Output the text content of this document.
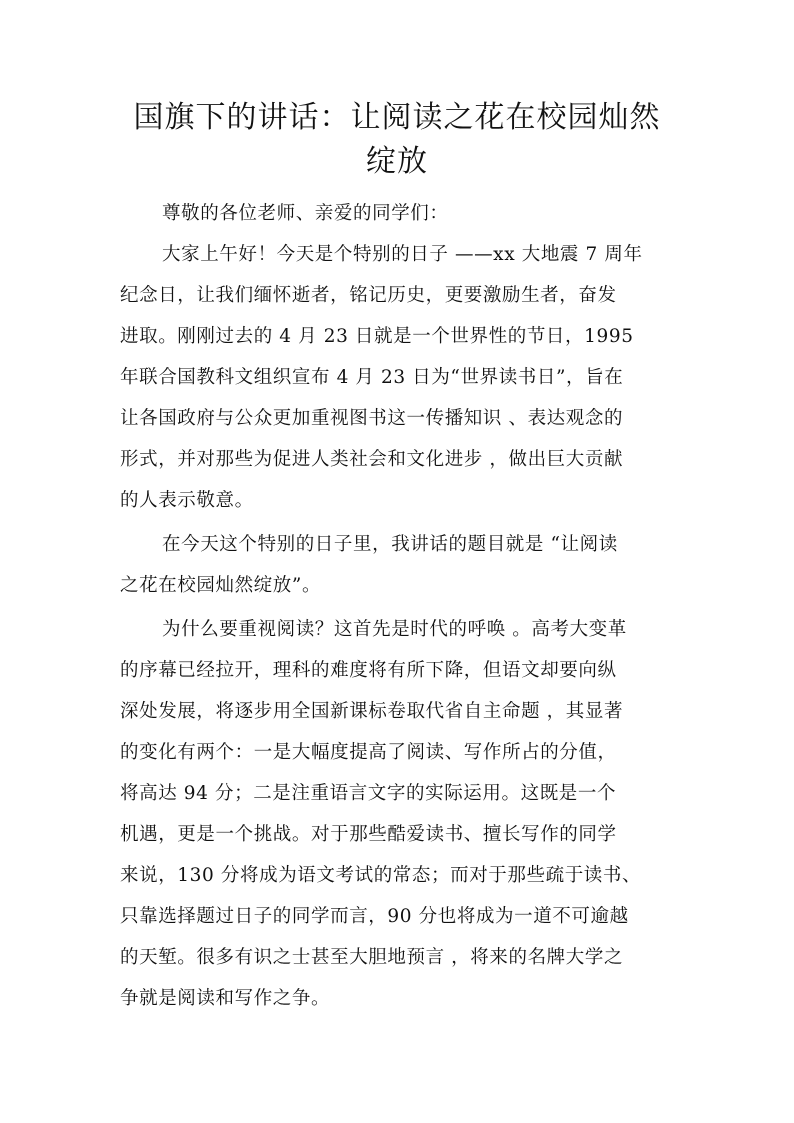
国旗下的讲话：让阅读之花在校园灿然
绽放
尊敬的各位老师、亲爱的同学们：
大家上午好！今天是个特别的日子 ——xx 大地震 7 周年
纪念日，让我们缅怀逝者，铭记历史，更要激励生者，奋发
进取。刚刚过去的 4 月 23 日就是一个世界性的节日，1995
年联合国教科文组织宣布 4 月 23 日为“世界读书日”，旨在
让各国政府与公众更加重视图书这一传播知识 、表达观念的
形式，并对那些为促进人类社会和文化进步 ，做出巨大贡献
的人表示敬意。
在今天这个特别的日子里，我讲话的题目就是 “让阅读
之花在校园灿然绽放”。
为什么要重视阅读？这首先是时代的呼唤 。高考大变革
的序幕已经拉开，理科的难度将有所下降，但语文却要向纵
深处发展，将逐步用全国新课标卷取代省自主命题 ，其显著
的变化有两个：一是大幅度提高了阅读、写作所占的分值，
将高达 94 分；二是注重语言文字的实际运用。这既是一个
机遇，更是一个挑战。对于那些酷爱读书、擅长写作的同学
来说，130 分将成为语文考试的常态；而对于那些疏于读书、
只靠选择题过日子的同学而言，90 分也将成为一道不可逾越
的天堑。很多有识之士甚至大胆地预言 ，将来的名牌大学之
争就是阅读和写作之争。
